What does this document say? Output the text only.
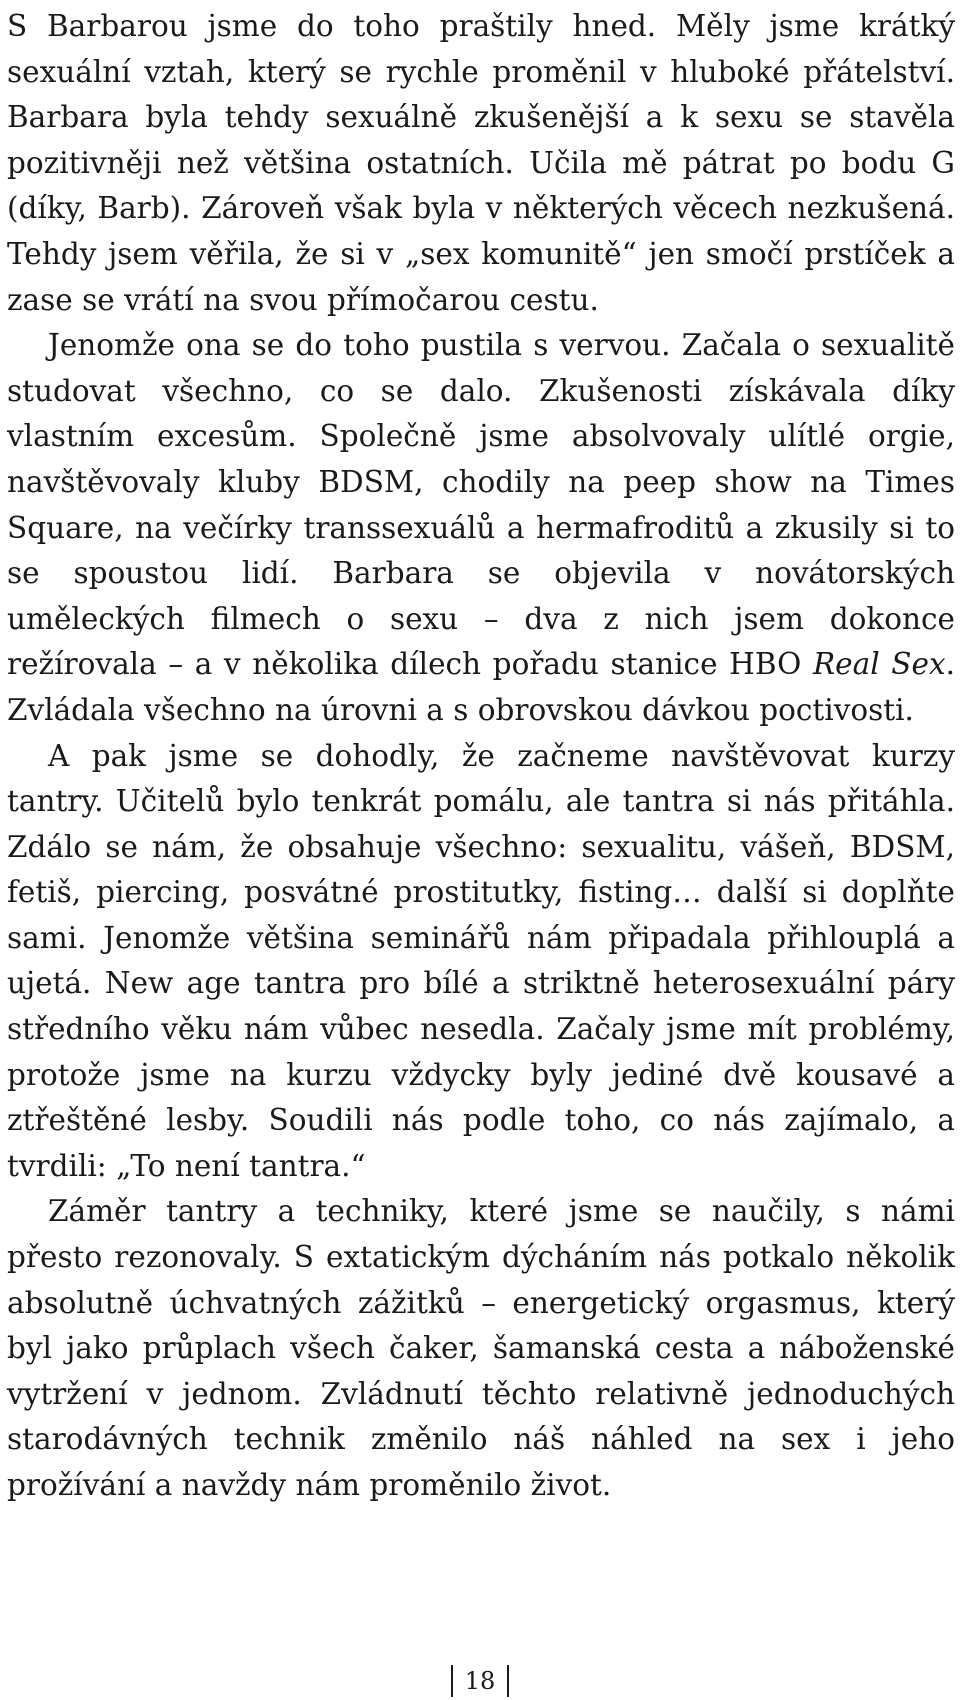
S Barbarou jsme do toho praštily hned. Měly jsme krátký sexuální vztah, který se rychle proměnil v hluboké přátelství. Barbara byla tehdy sexuálně zkušenější a k sexu se stavěla pozitivněji než většina ostatních. Učila mě pátrat po bodu G (díky, Barb). Zároveň však byla v některých věcech nezkušená. Tehdy jsem věřila, že si v „sex komunitě“ jen smočí prstíček a zase se vrátí na svou přímočarou cestu.

Jenomže ona se do toho pustila s vervou. Začala o sexualitě studovat všechno, co se dalo. Zkušenosti získávala díky vlastním excesům. Společně jsme absolvovaly ulítlé orgie, navštěvovaly kluby BDSM, chodily na peep show na Times Square, na večírky transsexuálů a hermafroditů a zkusily si to se spoustou lidí. Barbara se objevila v novátorských uměleckých filmech o sexu – dva z nich jsem dokonce režírovala – a v několika dílech pořadu stanice HBO Real Sex. Zvládala všechno na úrovni a s obrovskou dávkou poctivosti.

A pak jsme se dohodly, že začneme navštěvovat kurzy tantry. Učitelů bylo tenkrát pomálu, ale tantra si nás přitáhla. Zdálo se nám, že obsahuje všechno: sexualitu, vášeň, BDSM, fetiš, piercing, posvátné prostitutky, fisting… další si doplňte sami. Jenomže většina seminářů nám připadala přihlouplá a ujetá. New age tantra pro bílé a striktně heterosexuální páry středního věku nám vůbec nesedla. Začaly jsme mít problémy, protože jsme na kurzu vždycky byly jediné dvě kousavé a ztřeštěné lesby. Soudili nás podle toho, co nás zajímalo, a tvrdili: „To není tantra.“

Záměr tantry a techniky, které jsme se naučily, s námi přesto rezonovaly. S extatickým dýcháním nás potkalo několik absolutně úchvatných zážitků – energetický orgasmus, který byl jako průplach všech čaker, šamanská cesta a náboženské vytržení v jednom. Zvládnutí těchto relativně jednoduchých starodávných technik změnilo náš náhled na sex i jeho prožívání a navždy nám proměnilo život.

18
